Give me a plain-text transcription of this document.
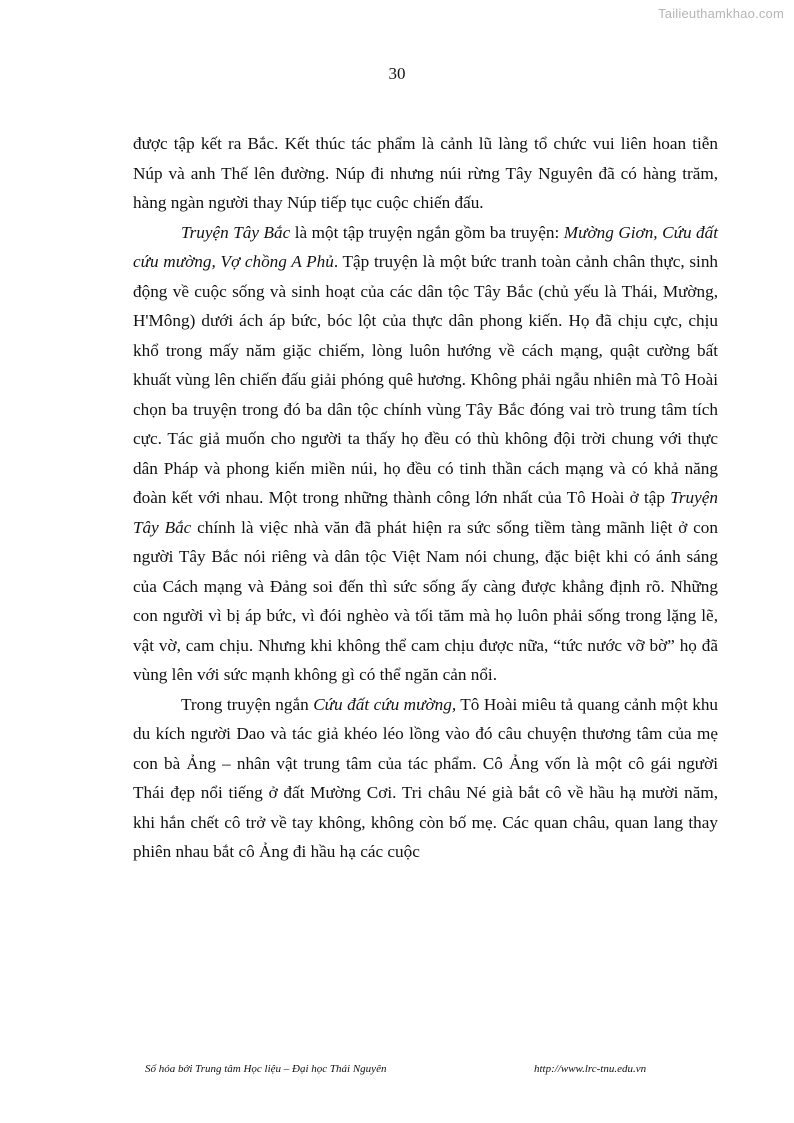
Tailieuthamkhao.com
30

được tập kết ra Bắc. Kết thúc tác phẩm là cảnh lũ làng tổ chức vui liên hoan tiễn Núp và anh Thế lên đường. Núp đi nhưng núi rừng Tây Nguyên đã có hàng trăm, hàng ngàn người thay Núp tiếp tục cuộc chiến đấu.

Truyện Tây Bắc là một tập truyện ngắn gồm ba truyện: Mường Giơn, Cứu đất cứu mường, Vợ chồng A Phủ. Tập truyện là một bức tranh toàn cảnh chân thực, sinh động về cuộc sống và sinh hoạt của các dân tộc Tây Bắc (chủ yếu là Thái, Mường, H'Mông) dưới ách áp bức, bóc lột của thực dân phong kiến. Họ đã chịu cực, chịu khổ trong mấy năm giặc chiếm, lòng luôn hướng về cách mạng, quật cường bất khuất vùng lên chiến đấu giải phóng quê hương. Không phải ngẫu nhiên mà Tô Hoài chọn ba truyện trong đó ba dân tộc chính vùng Tây Bắc đóng vai trò trung tâm tích cực. Tác giả muốn cho người ta thấy họ đều có thù không đội trời chung với thực dân Pháp và phong kiến miền núi, họ đều có tinh thần cách mạng và có khả năng đoàn kết với nhau. Một trong những thành công lớn nhất của Tô Hoài ở tập Truyện Tây Bắc chính là việc nhà văn đã phát hiện ra sức sống tiềm tàng mãnh liệt ở con người Tây Bắc nói riêng và dân tộc Việt Nam nói chung, đặc biệt khi có ánh sáng của Cách mạng và Đảng soi đến thì sức sống ấy càng được khẳng định rõ. Những con người vì bị áp bức, vì đói nghèo và tối tăm mà họ luôn phải sống trong lặng lẽ, vật vờ, cam chịu. Nhưng khi không thể cam chịu được nữa, “tức nước vỡ bờ” họ đã vùng lên với sức mạnh không gì có thể ngăn cản nổi.

Trong truyện ngắn Cứu đất cứu mường, Tô Hoài miêu tả quang cảnh một khu du kích người Dao và tác giả khéo léo lồng vào đó câu chuyện thương tâm của mẹ con bà Ảng – nhân vật trung tâm của tác phẩm. Cô Ảng vốn là một cô gái người Thái đẹp nổi tiếng ở đất Mường Cơi. Tri châu Né già bắt cô về hầu hạ mười năm, khi hắn chết cô trở về tay không, không còn bố mẹ. Các quan châu, quan lang thay phiên nhau bắt cô Ảng đi hầu hạ các cuộc

Số hóa bởi Trung tâm Học liệu – Đại học Thái Nguyên	http://www.lrc-tnu.edu.vn
